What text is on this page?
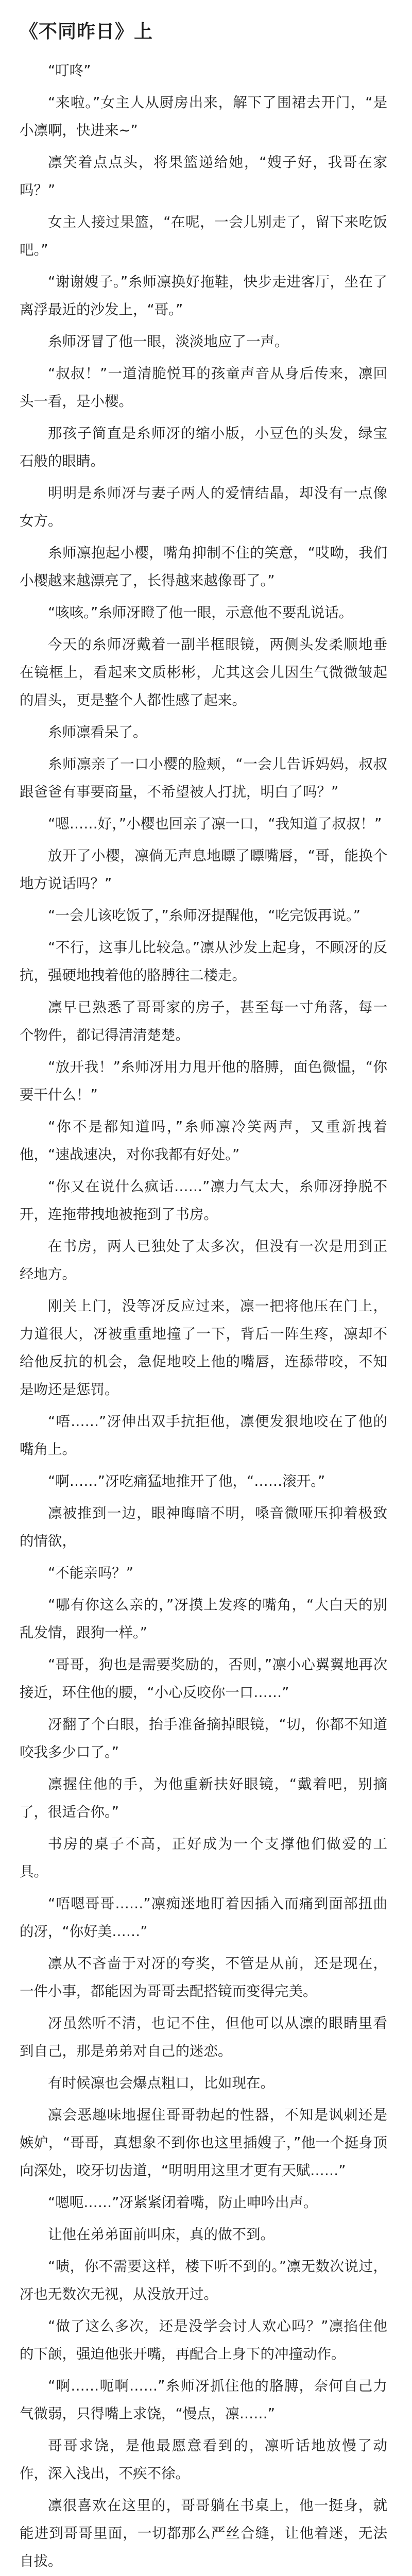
《不同昨日》上

“叮咚”

“来啦。”女主人从厨房出来，解下了围裙去开门，“是小凛啊，快进来~”

凛笑着点点头，将果篮递给她，“嫂子好，我哥在家吗？”

女主人接过果篮，“在呢，一会儿别走了，留下来吃饭吧。”

“谢谢嫂子。”糸师凛换好拖鞋，快步走进客厅，坐在了离浮最近的沙发上，“哥。”

糸师冴冒了他一眼，淡淡地应了一声。

“叔叔！”一道清脆悦耳的孩童声音从身后传来，凛回头一看，是小樱。

那孩子简直是糸师冴的缩小版，小豆色的头发，绿宝石般的眼睛。

明明是糸师冴与妻子两人的爱情结晶，却没有一点像女方。

糸师凛抱起小樱，嘴角抑制不住的笑意，“哎呦，我们小樱越来越漂亮了，长得越来越像哥了。”

“咳咳。”糸师冴瞪了他一眼，示意他不要乱说话。

今天的糸师冴戴着一副半框眼镜，两侧头发柔顺地垂在镜框上，看起来文质彬彬，尤其这会儿因生气微微皱起的眉头，更是整个人都性感了起来。

糸师凛看呆了。

糸师凛亲了一口小樱的脸颊，“一会儿告诉妈妈，叔叔跟爸爸有事要商量，不希望被人打扰，明白了吗？”

“嗯……好，”小樱也回亲了凛一口，“我知道了叔叔！”

放开了小樱，凛倘无声息地瞟了瞟嘴唇，“哥，能换个地方说话吗？”

“一会儿该吃饭了，”糸师冴提醒他，“吃完饭再说。”

“不行，这事儿比较急。”凛从沙发上起身，不顾冴的反抗，强硬地拽着他的胳膊往二楼走。

凛早已熟悉了哥哥家的房子，甚至每一寸角落，每一个物件，都记得清清楚楚。

“放开我！”糸师冴用力甩开他的胳膊，面色微愠，“你要干什么！”

“你不是都知道吗，”糸师凛冷笑两声，又重新拽着他，“速战速决，对你我都有好处。”

“你又在说什么疯话……”凛力气太大，糸师冴挣脱不开，连拖带拽地被拖到了书房。

在书房，两人已独处了太多次，但没有一次是用到正经地方。

刚关上门，没等冴反应过来，凛一把将他压在门上，力道很大，冴被重重地撞了一下，背后一阵生疼，凛却不给他反抗的机会，急促地咬上他的嘴唇，连舔带咬，不知是吻还是惩罚。

“唔……”冴伸出双手抗拒他，凛便发狠地咬在了他的嘴角上。

“啊……”冴吃痛猛地推开了他，“……滚开。”

凛被推到一边，眼神晦暗不明，嗓音微哑压抑着极致的情欲，

“不能亲吗？”

“哪有你这么亲的，”冴摸上发疼的嘴角，“大白天的别乱发情，跟狗一样。”

“哥哥，狗也是需要奖励的，否则，”凛小心翼翼地再次接近，环住他的腰，“小心反咬你一口……”

冴翻了个白眼，抬手准备摘掉眼镜，“切，你都不知道咬我多少口了。”

凛握住他的手，为他重新扶好眼镜，“戴着吧，别摘了，很适合你。”

书房的桌子不高，正好成为一个支撑他们做爱的工具。

“唔嗯哥哥……”凛痴迷地盯着因插入而痛到面部扭曲的冴，“你好美……”

凛从不吝啬于对冴的夸奖，不管是从前，还是现在，一件小事，都能因为哥哥去配搭镜而变得完美。

冴虽然听不清，也记不住，但他可以从凛的眼睛里看到自己，那是弟弟对自己的迷恋。

有时候凛也会爆点粗口，比如现在。

凛会恶趣味地握住哥哥勃起的性器，不知是讽刺还是嫉妒，“哥哥，真想象不到你也这里插嫂子，”他一个挺身顶向深处，咬牙切齿道，“明明用这里才更有天赋……”

“嗯呃……”冴紧紧闭着嘴，防止呻吟出声。

让他在弟弟面前叫床，真的做不到。

“啧，你不需要这样，楼下听不到的。”凛无数次说过，冴也无数次无视，从没放开过。

“做了这么多次，还是没学会讨人欢心吗？”凛掐住他的下颌，强迫他张开嘴，再配合上身下的冲撞动作。

“啊……呃啊……”糸师冴抓住他的胳膊，奈何自己力气微弱，只得嘴上求饶，“慢点，凛……”

哥哥求饶，是他最愿意看到的，凛听话地放慢了动作，深入浅出，不疾不徐。

凛很喜欢在这里的，哥哥躺在书桌上，他一挺身，就能进到哥哥里面，一切都那么严丝合缝，让他着迷，无法自拔。
